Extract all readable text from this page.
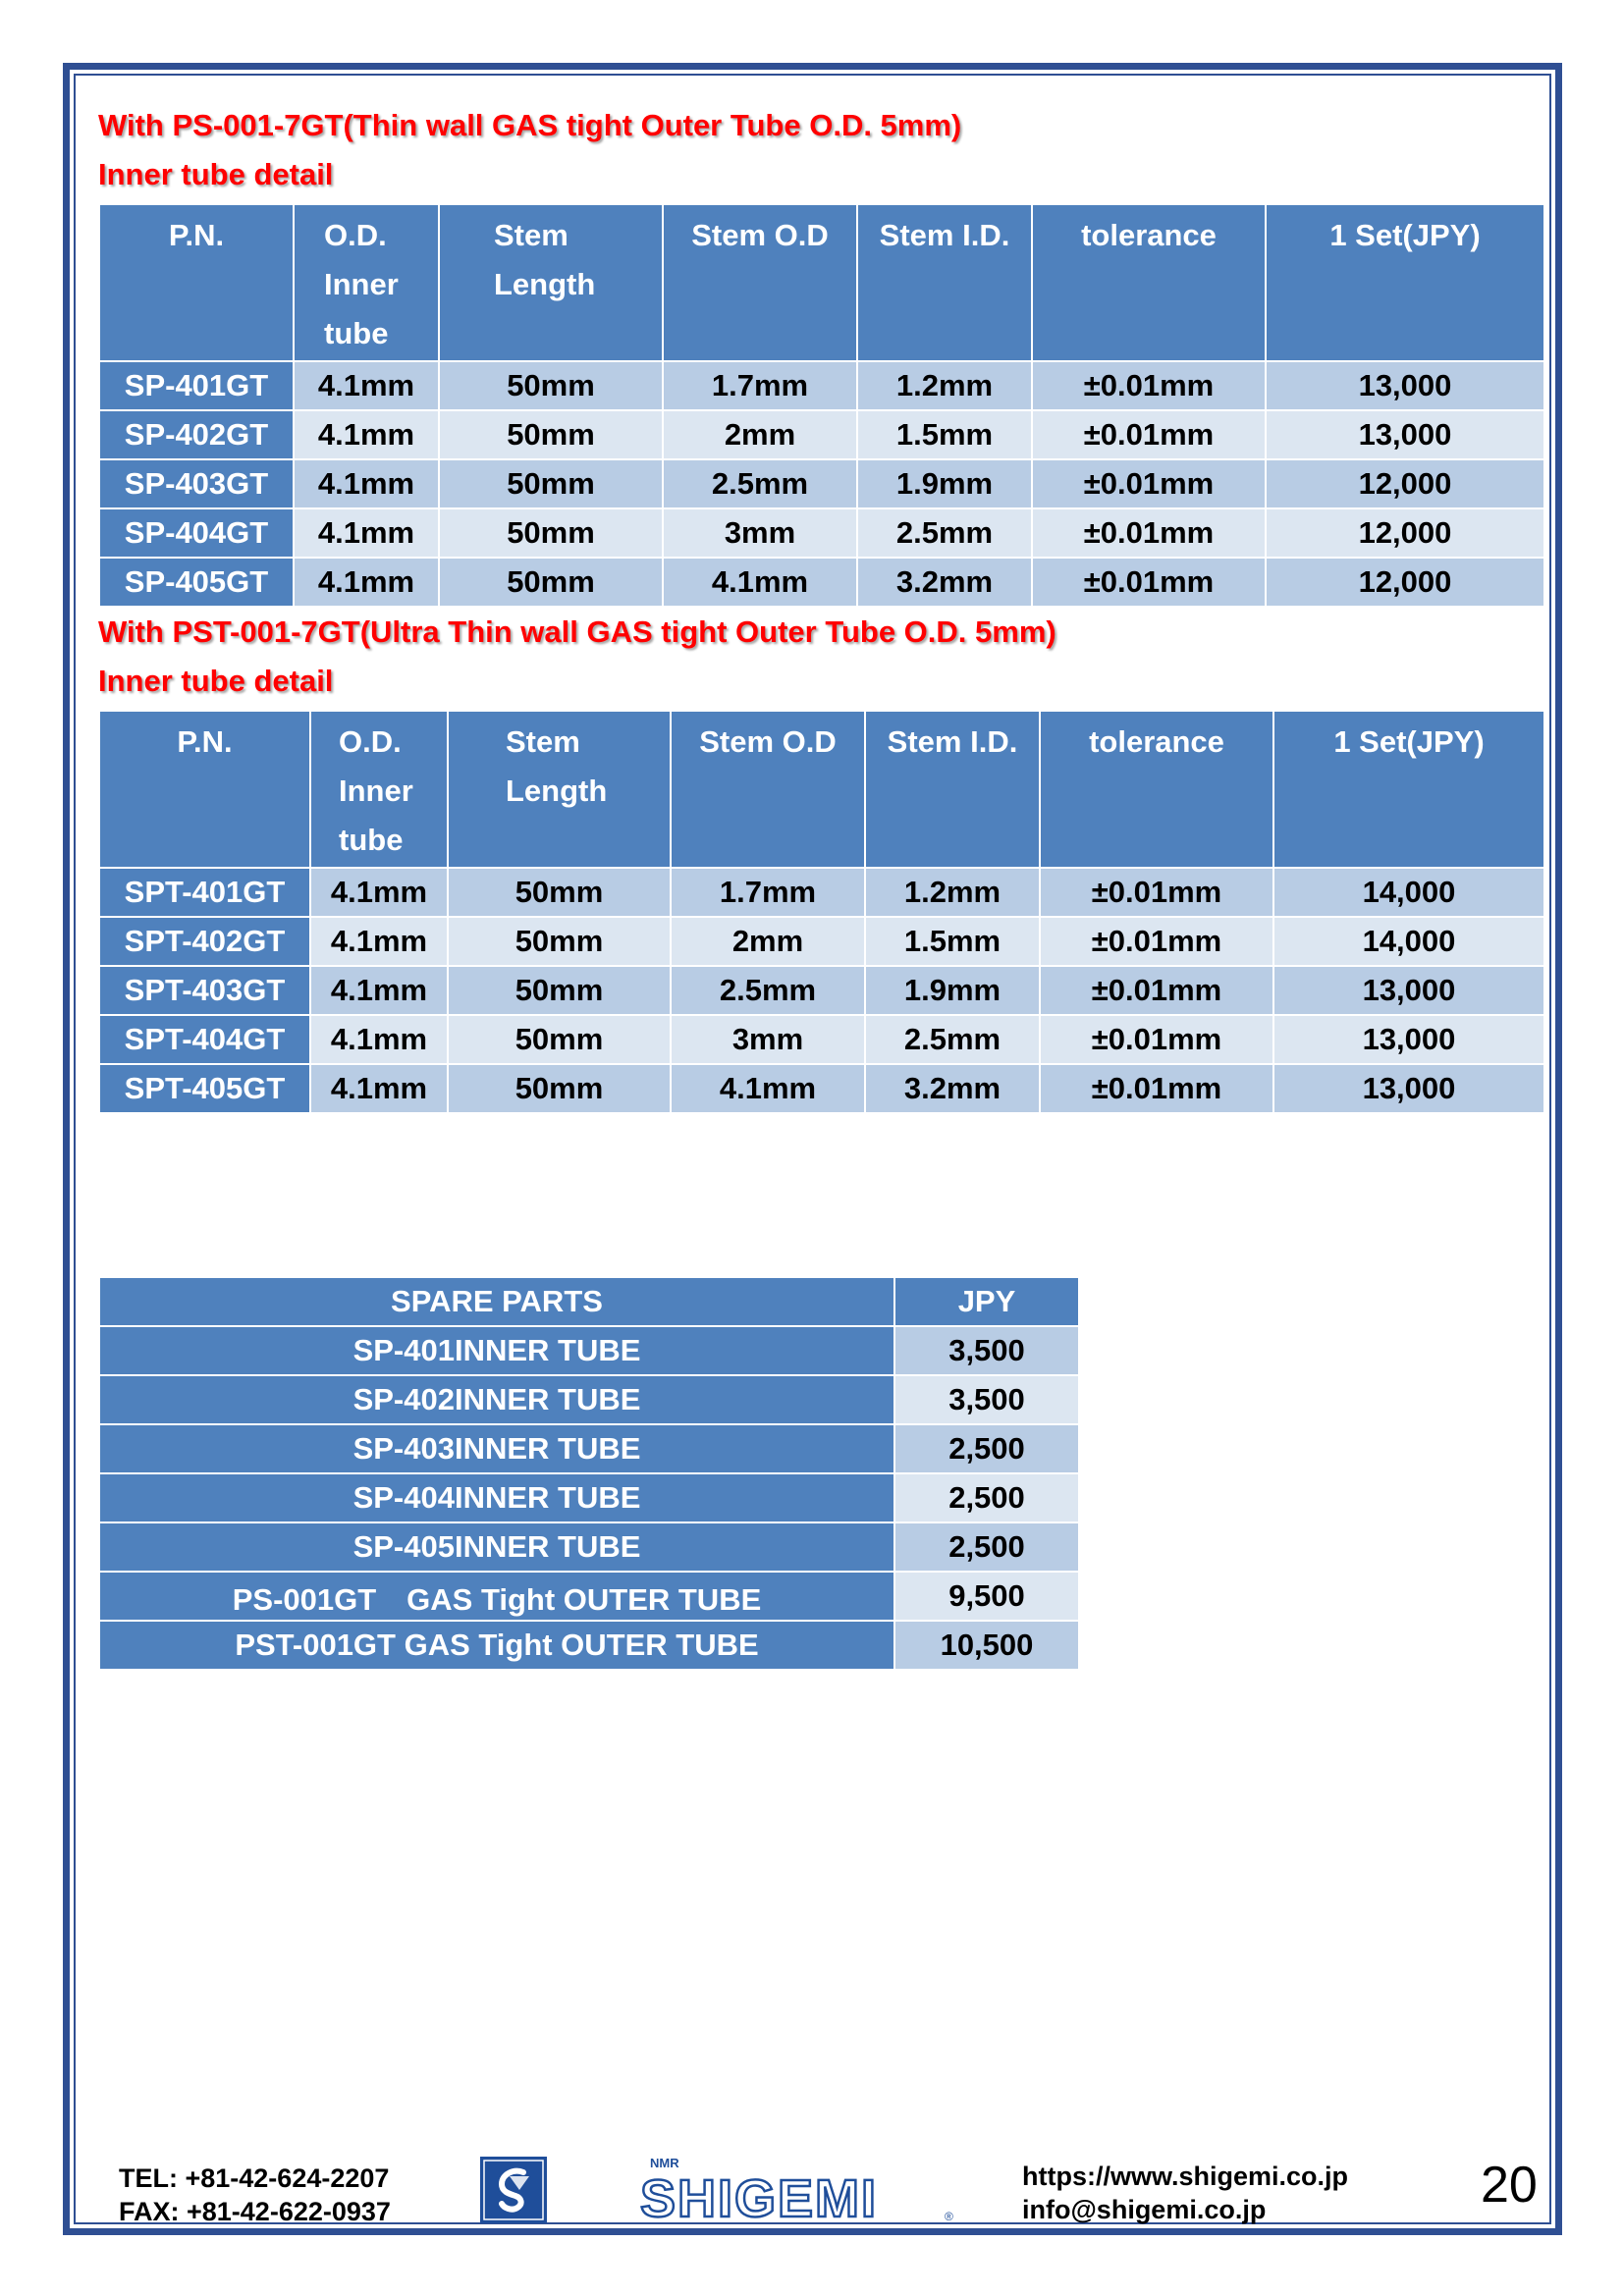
With PS-001-7GT(Thin wall GAS tight Outer Tube O.D. 5mm)
Inner tube detail
P.N.	O.D. Inner tube	Stem Length	Stem O.D	Stem I.D.	tolerance	1 Set(JPY)
SP-401GT	4.1mm	50mm	1.7mm	1.2mm	±0.01mm	13,000
SP-402GT	4.1mm	50mm	2mm	1.5mm	±0.01mm	13,000
SP-403GT	4.1mm	50mm	2.5mm	1.9mm	±0.01mm	12,000
SP-404GT	4.1mm	50mm	3mm	2.5mm	±0.01mm	12,000
SP-405GT	4.1mm	50mm	4.1mm	3.2mm	±0.01mm	12,000
With PST-001-7GT(Ultra Thin wall GAS tight Outer Tube O.D. 5mm)
Inner tube detail
P.N.	O.D. Inner tube	Stem Length	Stem O.D	Stem I.D.	tolerance	1 Set(JPY)
SPT-401GT	4.1mm	50mm	1.7mm	1.2mm	±0.01mm	14,000
SPT-402GT	4.1mm	50mm	2mm	1.5mm	±0.01mm	14,000
SPT-403GT	4.1mm	50mm	2.5mm	1.9mm	±0.01mm	13,000
SPT-404GT	4.1mm	50mm	3mm	2.5mm	±0.01mm	13,000
SPT-405GT	4.1mm	50mm	4.1mm	3.2mm	±0.01mm	13,000
SPARE PARTS	JPY
SP-401INNER TUBE	3,500
SP-402INNER TUBE	3,500
SP-403INNER TUBE	2,500
SP-404INNER TUBE	2,500
SP-405INNER TUBE	2,500
PS-001GT　GAS Tight OUTER TUBE	9,500
PST-001GT GAS Tight OUTER TUBE	10,500
TEL: +81-42-624-2207
FAX: +81-42-622-0937
NMR
SHIGEMI	®
https://www.shigemi.co.jp
info@shigemi.co.jp	20
